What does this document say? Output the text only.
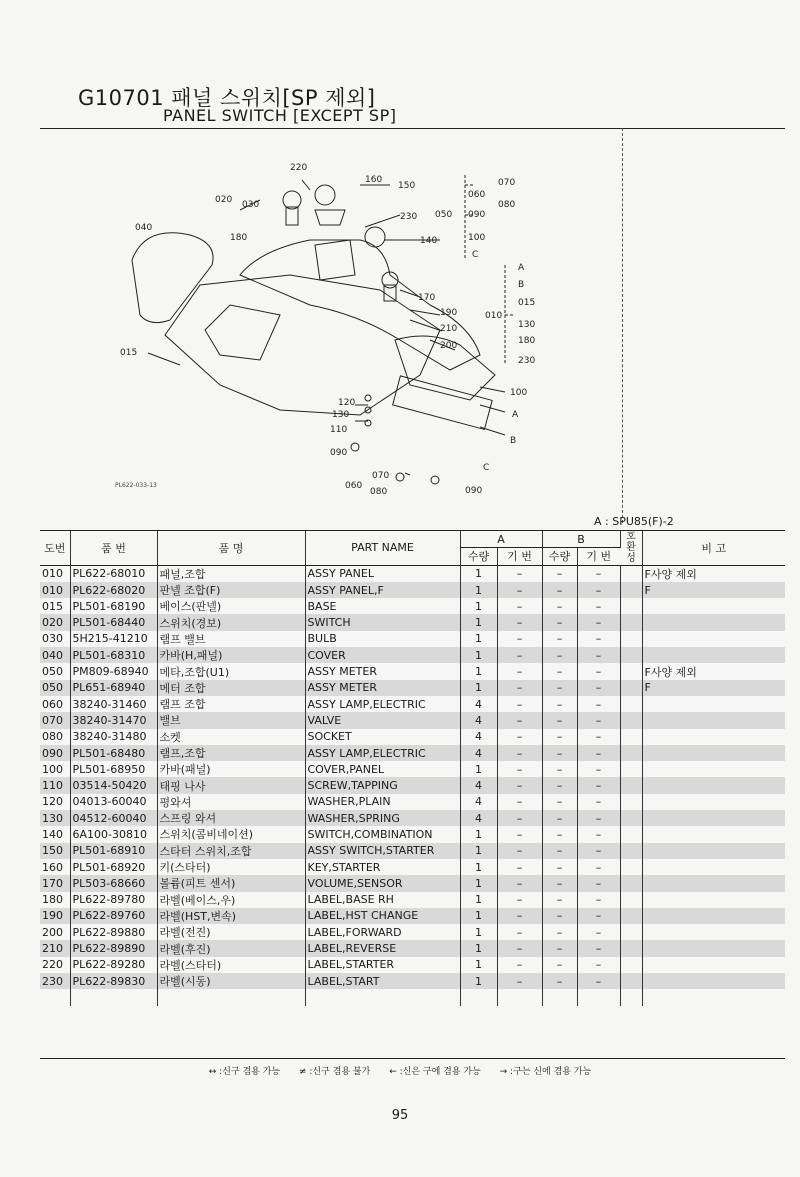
G10701 패널 스위치[SP 제외]
PANEL SWITCH [EXCEPT SP]
220
160
150
020 030
230
040
180	140
050
060
090
070
080
100
C
170
A
B
015
010
130
180
230
190
210
200
015
100
120
130
110
A
090
B
C
070
060
080	090
PL622-033-13
A : SPU85(F)-2
도번	품 번	품 명	PART NAME	A		B		호환성	비 고
				수량	기 번	수량	기 번		
010	PL622-68010	패널,조합	ASSY PANEL	1	–	–	–		F사양 제외
010	PL622-68020	판넬 조합(F)	ASSY PANEL,F	1	–	–	–		F
015	PL501-68190	베이스(판넬)	BASE	1	–	–	–		
020	PL501-68440	스위치(경보)	SWITCH	1	–	–	–		
030	5H215-41210	램프 밸브	BULB	1	–	–	–		
040	PL501-68310	카바(H,패널)	COVER	1	–	–	–		
050	PM809-68940	메타,조합(U1)	ASSY METER	1	–	–	–		F사양 제외
050	PL651-68940	메터 조합	ASSY METER	1	–	–	–		F
060	38240-31460	램프 조합	ASSY LAMP,ELECTRIC	4	–	–	–		
070	38240-31470	밸브	VALVE	4	–	–	–		
080	38240-31480	소켓	SOCKET	4	–	–	–		
090	PL501-68480	램프,조합	ASSY LAMP,ELECTRIC	4	–	–	–		
100	PL501-68950	카바(패널)	COVER,PANEL	1	–	–	–		
110	03514-50420	태핑 나사	SCREW,TAPPING	4	–	–	–		
120	04013-60040	평와셔	WASHER,PLAIN	4	–	–	–		
130	04512-60040	스프링 와셔	WASHER,SPRING	4	–	–	–		
140	6A100-30810	스위치(콤비네이션)	SWITCH,COMBINATION	1	–	–	–		
150	PL501-68910	스타터 스위치,조합	ASSY SWITCH,STARTER	1	–	–	–		
160	PL501-68920	키(스타터)	KEY,STARTER	1	–	–	–		
170	PL503-68660	볼륨(피트 센서)	VOLUME,SENSOR	1	–	–	–		
180	PL622-89780	라벨(베이스,우)	LABEL,BASE RH	1	–	–	–		
190	PL622-89760	라벨(HST,변속)	LABEL,HST CHANGE	1	–	–	–		
200	PL622-89880	라벨(전진)	LABEL,FORWARD	1	–	–	–		
210	PL622-89890	라벨(후진)	LABEL,REVERSE	1	–	–	–		
220	PL622-89280	라벨(스타터)	LABEL,STARTER	1	–	–	–		
230	PL622-89830	라벨(시동)	LABEL,START	1	–	–	–		

↔ :신구 겸용 가능 ≠ :신구 겸용 불가 ← :신은 구에 겸용 가능 → :구는 신에 겸용 가능
95
